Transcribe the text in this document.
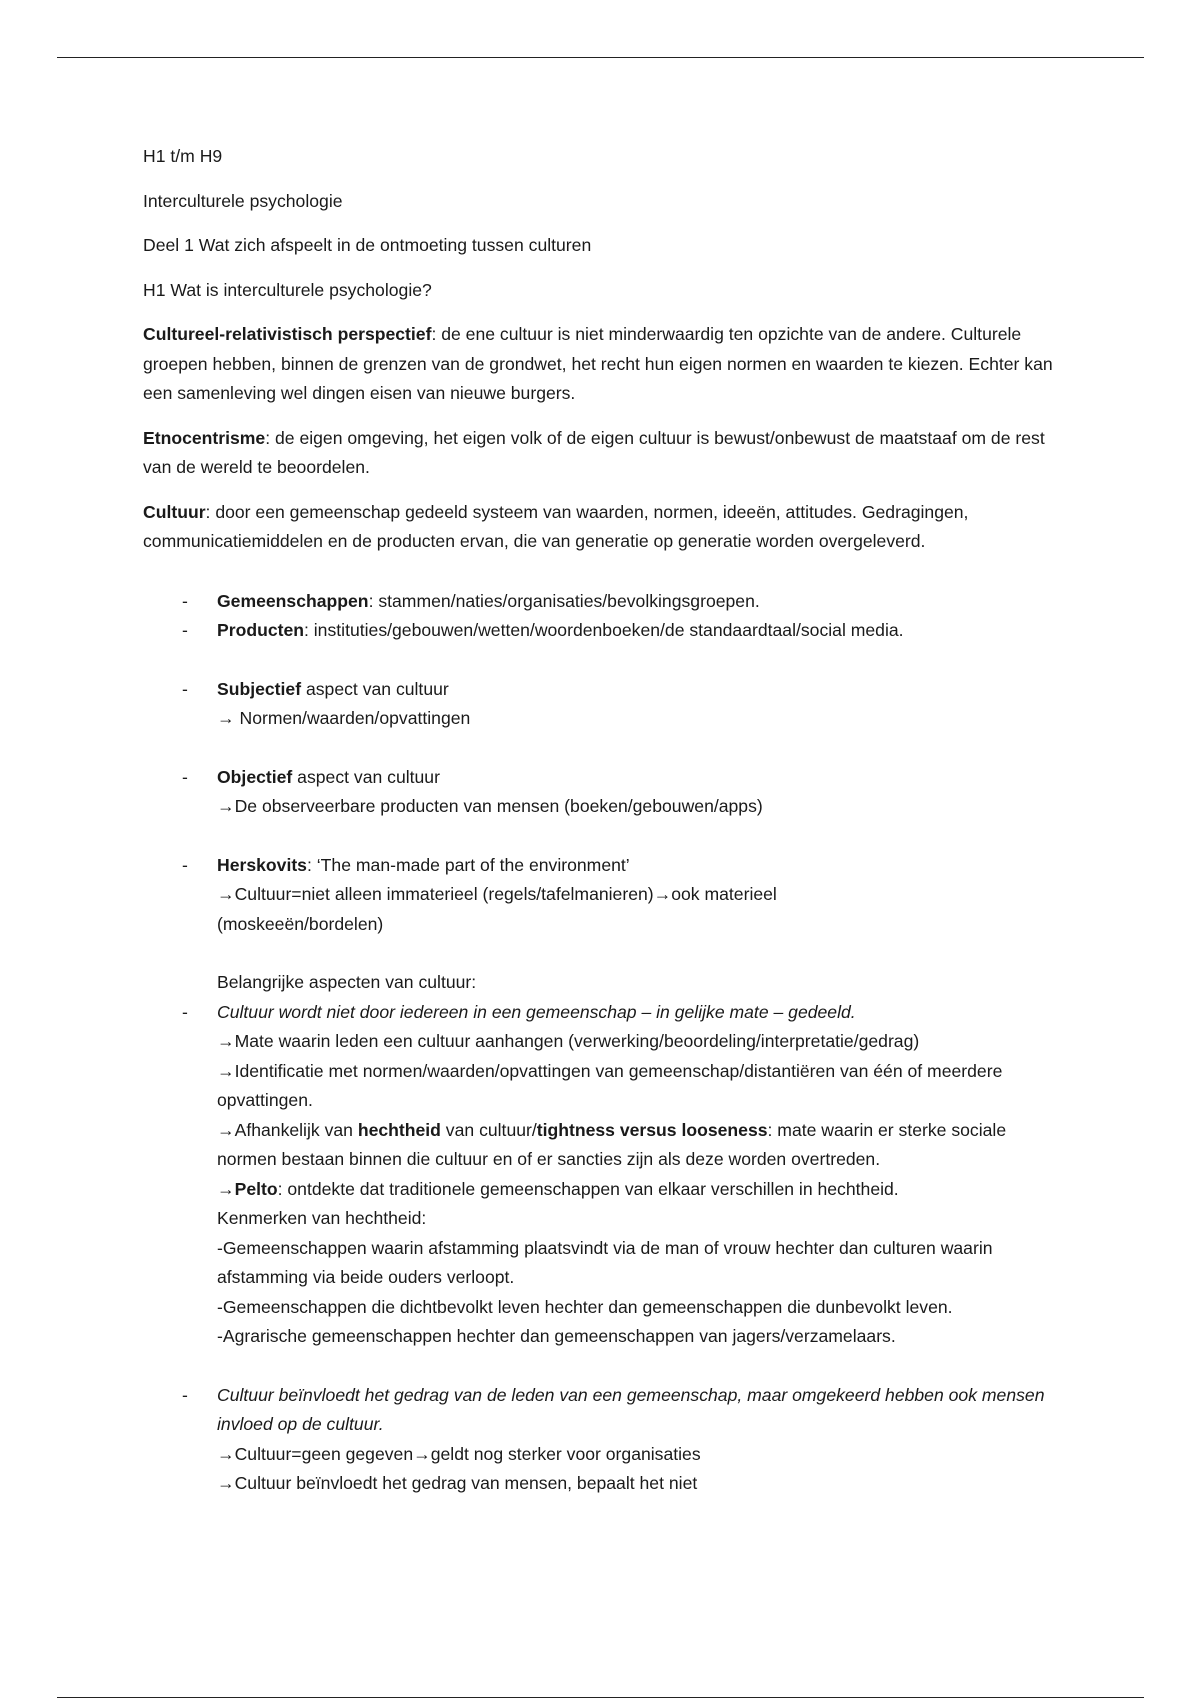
H1 t/m H9
Interculturele psychologie
Deel 1 Wat zich afspeelt in de ontmoeting tussen culturen
H1 Wat is interculturele psychologie?
Cultureel-relativistisch perspectief: de ene cultuur is niet minderwaardig ten opzichte van de andere. Culturele groepen hebben, binnen de grenzen van de grondwet, het recht hun eigen normen en waarden te kiezen. Echter kan een samenleving wel dingen eisen van nieuwe burgers.
Etnocentrisme: de eigen omgeving, het eigen volk of de eigen cultuur is bewust/onbewust de maatstaaf om de rest van de wereld te beoordelen.
Cultuur: door een gemeenschap gedeeld systeem van waarden, normen, ideeën, attitudes. Gedragingen, communicatiemiddelen en de producten ervan, die van generatie op generatie worden overgeleverd.
- Gemeenschappen: stammen/naties/organisaties/bevolkingsgroepen.
- Producten: instituties/gebouwen/wetten/woordenboeken/de standaardtaal/social media.
- Subjectief aspect van cultuur
→ Normen/waarden/opvattingen
- Objectief aspect van cultuur
→De observeerbare producten van mensen (boeken/gebouwen/apps)
- Herskovits: ‘The man-made part of the environment’
→Cultuur=niet alleen immaterieel (regels/tafelmanieren)→ook materieel
(moskeeën/bordelen)
Belangrijke aspecten van cultuur:
- Cultuur wordt niet door iedereen in een gemeenschap – in gelijke mate – gedeeld.
→Mate waarin leden een cultuur aanhangen (verwerking/beoordeling/interpretatie/gedrag)
→Identificatie met normen/waarden/opvattingen van gemeenschap/distantiëren van één of meerdere opvattingen.
→Afhankelijk van hechtheid van cultuur/tightness versus looseness: mate waarin er sterke sociale normen bestaan binnen die cultuur en of er sancties zijn als deze worden overtreden.
→Pelto: ontdekte dat traditionele gemeenschappen van elkaar verschillen in hechtheid.
Kenmerken van hechtheid:
-Gemeenschappen waarin afstamming plaatsvindt via de man of vrouw hechter dan culturen waarin afstamming via beide ouders verloopt.
-Gemeenschappen die dichtbevolkt leven hechter dan gemeenschappen die dunbevolkt leven.
-Agrarische gemeenschappen hechter dan gemeenschappen van jagers/verzamelaars.
- Cultuur beïnvloedt het gedrag van de leden van een gemeenschap, maar omgekeerd hebben ook mensen invloed op de cultuur.
→Cultuur=geen gegeven→geldt nog sterker voor organisaties
→Cultuur beïnvloedt het gedrag van mensen, bepaalt het niet
